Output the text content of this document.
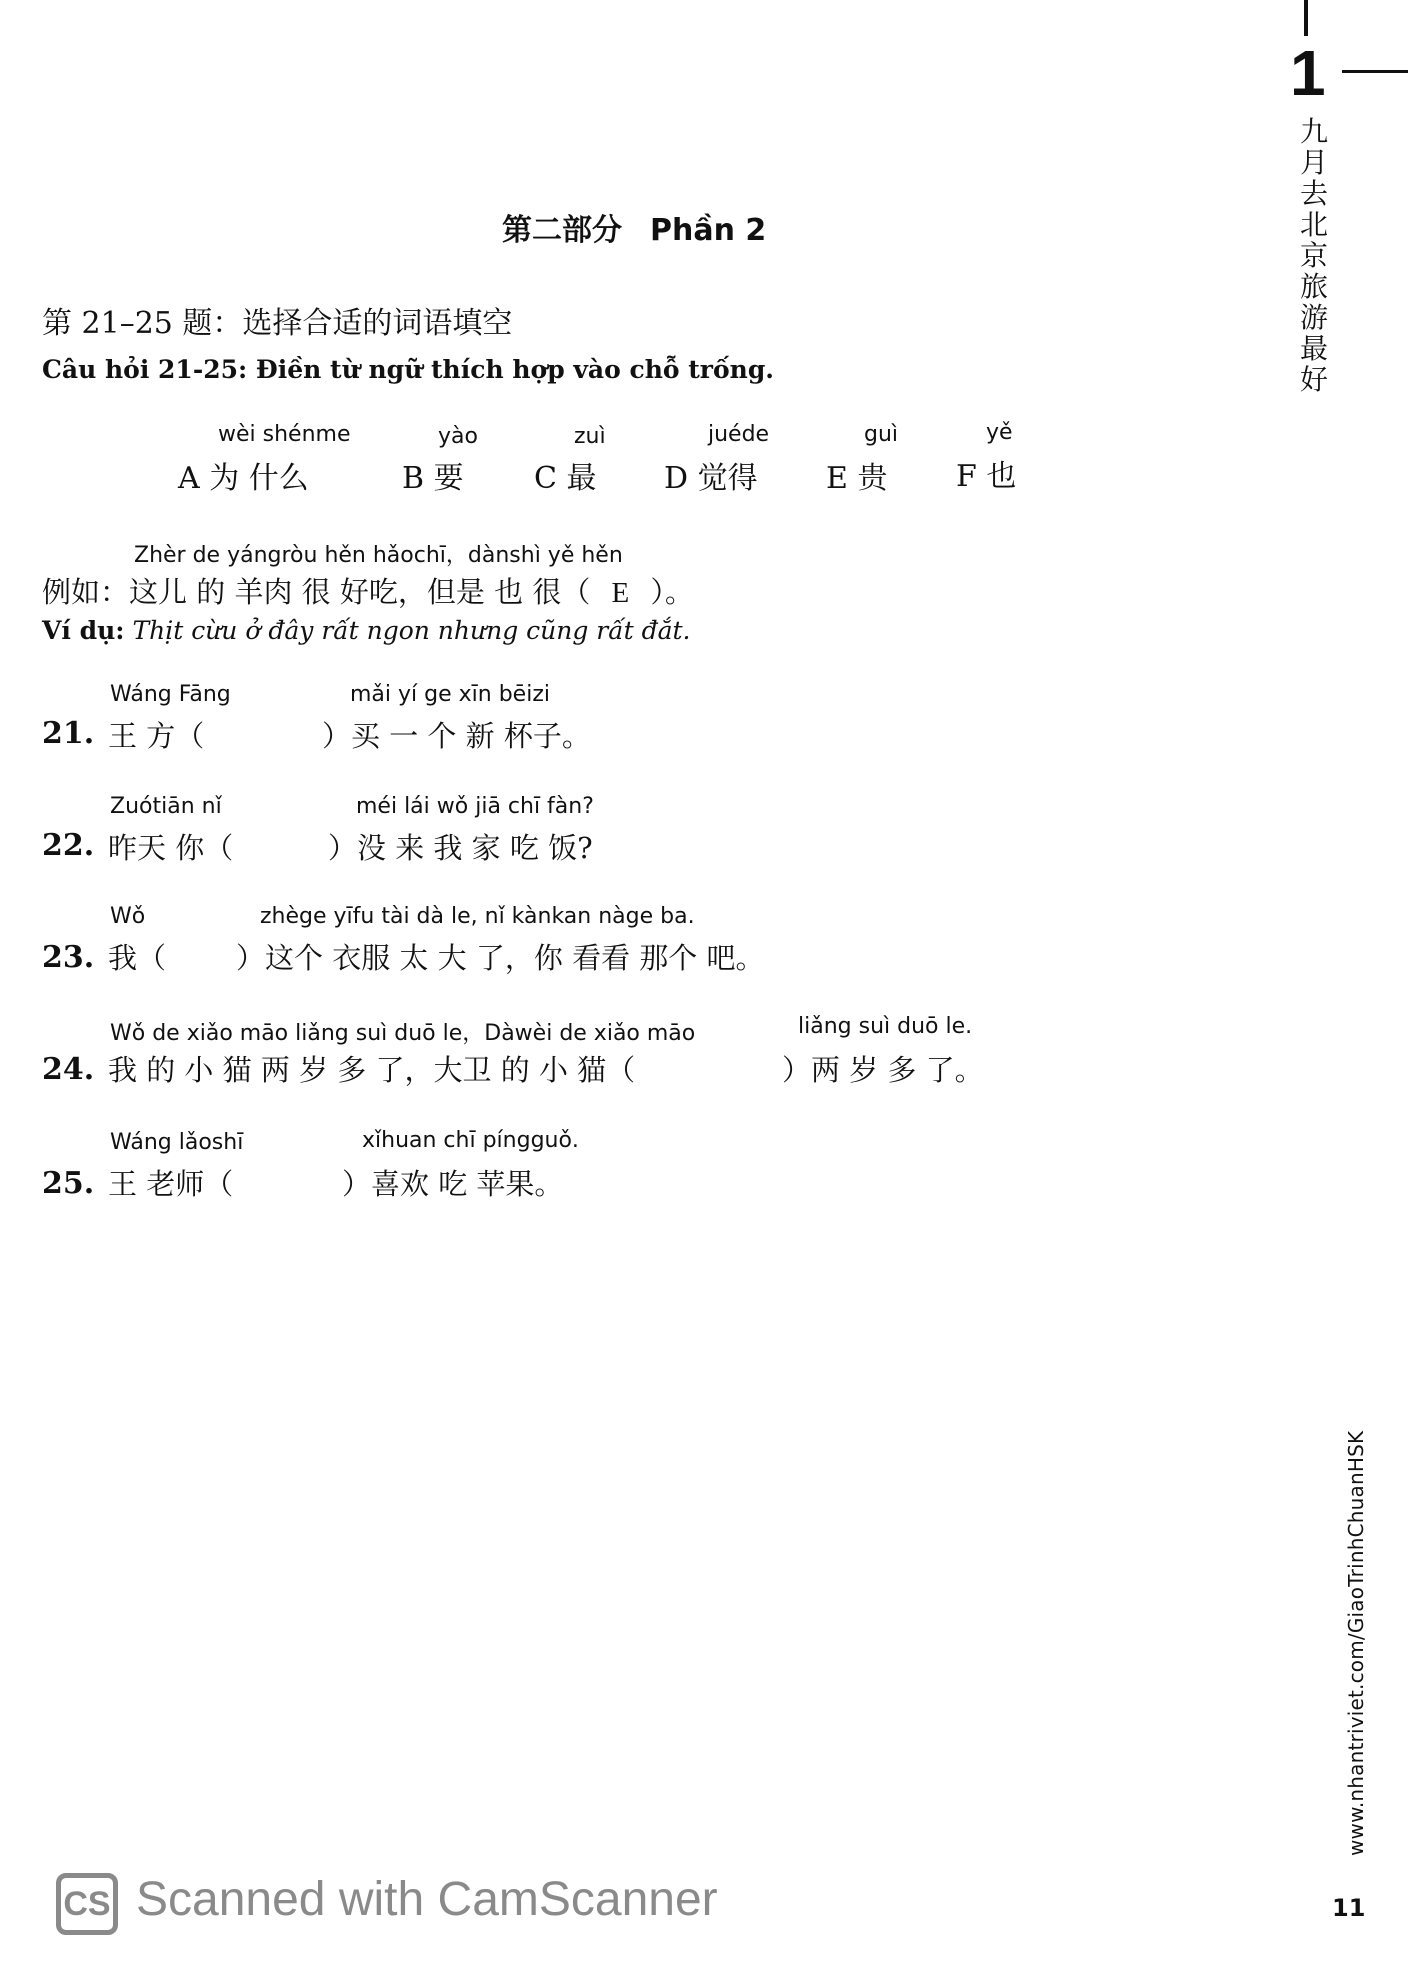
1
九月去北京旅游最好
www.nhantriviet.com/GiaoTrinhChuanHSK
11
第二部分 Phần 2
第 21–25 题：选择合适的词语填空
Câu hỏi 21-25: Điền từ ngữ thích hợp vào chỗ trống.
wèi shénme
A 为 什么
yào
B 要
zuì
C 最
juéde
D 觉得
guì
E 贵
yě
F 也
Zhèr de yángròu hěn hǎochī，dànshì yě hěn
例如：这儿 的 羊肉 很 好吃，但是 也 很（ E ）。
Ví dụ: Thịt cừu ở đây rất ngon nhưng cũng rất đắt.
Wáng Fāng	mǎi yí ge xīn bēizi
21. 王 方（	）买 一 个 新 杯子。
Zuótiān nǐ	méi lái wǒ jiā chī fàn?
22. 昨天 你（	）没 来 我 家 吃 饭?
Wǒ	zhège yīfu tài dà le, nǐ kànkan nàge ba.
23. 我（ ）这个 衣服 太 大 了，你 看看 那个 吧。
Wǒ de xiǎo māo liǎng suì duō le，Dàwèi de xiǎo māo	liǎng suì duō le.
24. 我 的 小 猫 两 岁 多 了，大卫 的 小 猫（	）两 岁 多 了。
Wáng lǎoshī	xǐhuan chī píngguǒ.
25. 王 老师（	）喜欢 吃 苹果。
CS Scanned with CamScanner
